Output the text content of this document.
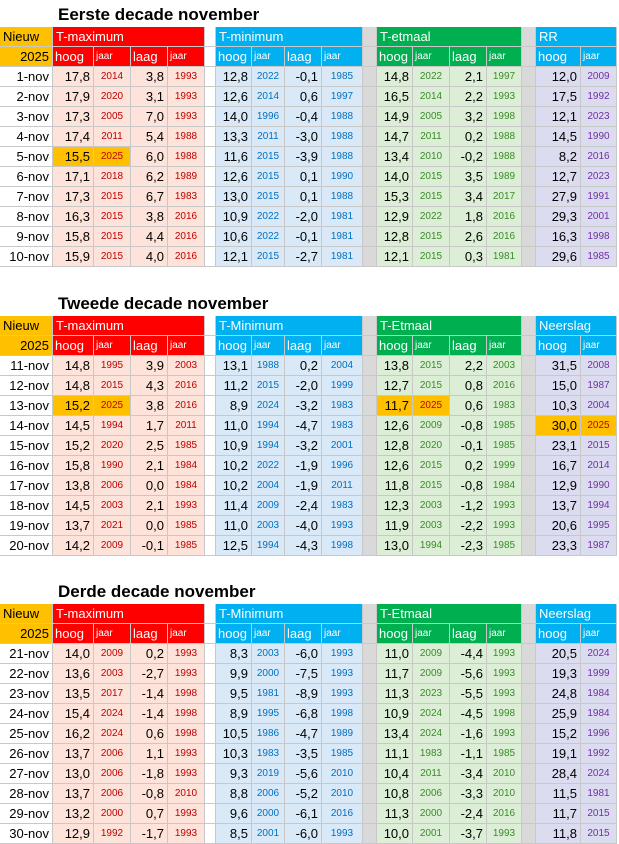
Eerste decade november
Nieuw	T-maximum	T-minimum	T-etmaal	RR
2025 hoog	jaar	laag	jaar	hoog jaar	laag	jaar	hoog jaar	laag	jaar	hoog	jaar
1-nov	17,8	2014	3,8	1993	12,8 2022	-0,1	1985	14,8	2022	2,1 1997	12,0	2009
2-nov	17,9	2020	3,1	1993	12,6 2014	0,6	1997	16,5	2014	2,2 1993	17,5	1992
3-nov	17,3	2005	7,0	1993	14,0 1996	-0,4	1988	14,9	2005	3,2 1998	12,1	2023
4-nov	17,4	2011	5,4	1988	13,3 2011	-3,0	1988	14,7	2011	0,2 1988	14,5	1990
5-nov	15,5	2025	6,0	1988	11,6 2015	-3,9	1988	13,4	2010	-0,2 1988	8,2	2016
6-nov	17,1	2018	6,2	1989	12,6 2015	0,1	1990	14,0	2015	3,5 1989	12,7	2023
7-nov	17,3	2015	6,7	1983	13,0 2015	0,1	1988	15,3	2015	3,4 2017	27,9	1991
8-nov	16,3	2015	3,8	2016	10,9 2022	-2,0	1981	12,9	2022	1,8 2016	29,3	2001
9-nov	15,8	2015	4,4	2016	10,6 2022	-0,1	1981	12,8	2015	2,6 2016	16,3	1998
10-nov	15,9	2015	4,0	2016	12,1 2015	-2,7	1981	12,1	2015	0,3 1981	29,6	1985
Tweede decade november
Nieuw	T-maximum	T-Minimum	T-Etmaal	Neerslag
2025 hoog	jaar	laag	jaar	hoog jaar	laag	jaar	hoog jaar	laag	jaar	hoog	jaar
11-nov	14,8	1995	3,9	2003	13,1 1988	0,2	2004	13,8	2015	2,2 2003	31,5	2008
12-nov	14,8	2015	4,3	2016	11,2 2015	-2,0	1999	12,7	2015	0,8 2016	15,0	1987
13-nov	15,2	2025	3,8	2016	8,9 2024	-3,2	1983	11,7	2025	0,6 1983	10,3	2004
14-nov	14,5	1994	1,7	2011	11,0 1994	-4,7	1983	12,6	2009	-0,8 1985	30,0	2025
15-nov	15,2	2020	2,5	1985	10,9 1994	-3,2	2001	12,8	2020	-0,1 1985	23,1	2015
16-nov	15,8	1990	2,1	1984	10,2 2022	-1,9	1996	12,6	2015	0,2 1999	16,7	2014
17-nov	13,8	2006	0,0	1984	10,2 2004	-1,9	2011	11,8	2015	-0,8 1984	12,9	1990
18-nov	14,5	2003	2,1	1993	11,4 2009	-2,4	1983	12,3	2003	-1,2 1993	13,7	1994
19-nov	13,7	2021	0,0	1985	11,0 2003	-4,0	1993	11,9	2003	-2,2 1993	20,6	1995
20-nov	14,2	2009	-0,1	1985	12,5 1994	-4,3	1998	13,0	1994	-2,3 1985	23,3	1987
Derde decade november
Nieuw	T-maximum	T-Minimum	T-Etmaal	Neerslag
2025 hoog	jaar	laag	jaar	hoog jaar	laag	jaar	hoog jaar	laag	jaar	hoog	jaar
21-nov	14,0	2009	0,2	1993	8,3 2003	-6,0	1993	11,0	2009	-4,4 1993	20,5	2024
22-nov	13,6	2003	-2,7	1993	9,9 2000	-7,5	1993	11,7	2009	-5,6 1993	19,3	1999
23-nov	13,5	2017	-1,4	1998	9,5 1981	-8,9	1993	11,3	2023	-5,5 1993	24,8	1984
24-nov	15,4	2024	-1,4	1998	8,9 1995	-6,8	1998	10,9	2024	-4,5 1998	25,9	1984
25-nov	16,2	2024	0,6	1998	10,5 1986	-4,7	1989	13,4	2024	-1,6 1993	15,2	1996
26-nov	13,7	2006	1,1	1993	10,3 1983	-3,5	1985	11,1	1983	-1,1 1985	19,1	1992
27-nov	13,0	2006	-1,8	1993	9,3 2019	-5,6	2010	10,4	2011	-3,4 2010	28,4	2024
28-nov	13,7	2006	-0,8	2010	8,8 2006	-5,2	2010	10,8	2006	-3,3 2010	11,5	1981
29-nov	13,2	2000	0,7	1993	9,6 2000	-6,1	2016	11,3	2000	-2,4 2016	11,7	2015
30-nov	12,9	1992	-1,7	1993	8,5 2001	-6,0	1993	10,0	2001	-3,7 1993	11,8	2015
